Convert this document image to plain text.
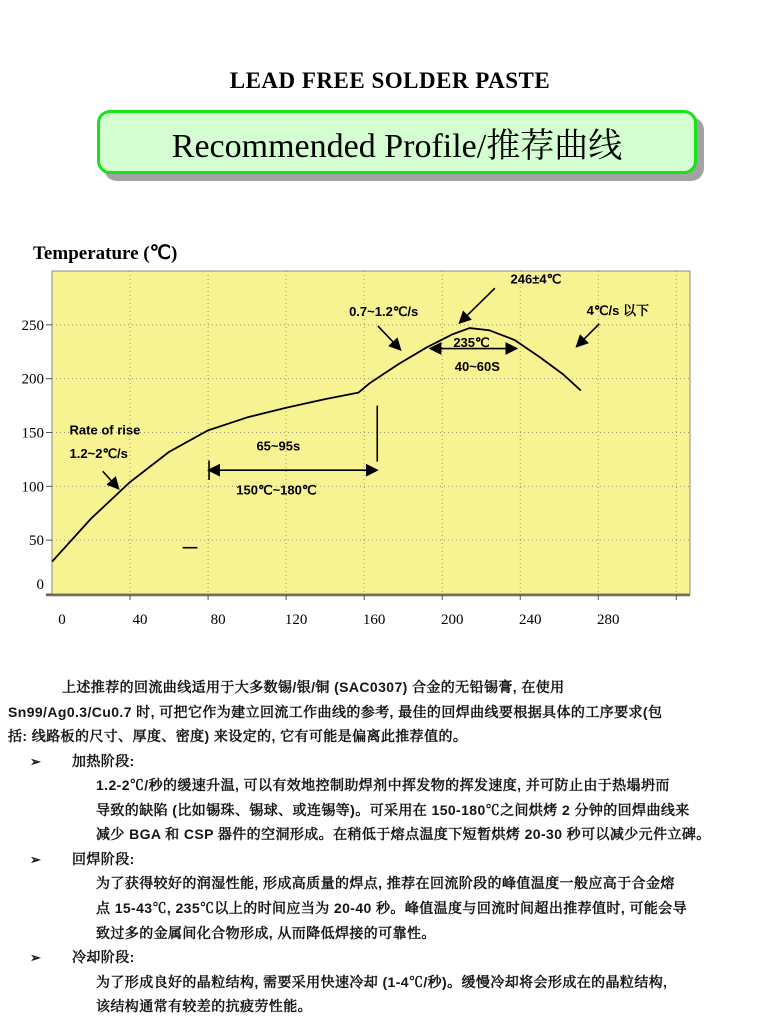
LEAD FREE SOLDER PASTE
Recommended Profile/推荐曲线
Temperature (℃)
0	40	80	120	160	200	240	280
0
50
100
150
200
250
Rate of rise
1.2~2℃/s
65~95s
150℃~180℃
0.7~1.2℃/s
246±4℃
4℃/s 以下
235℃
40~60S
上述推荐的回流曲线适用于大多数锡/银/铜 (SAC0307) 合金的无铅锡膏, 在使用
Sn99/Ag0.3/Cu0.7 时, 可把它作为建立回流工作曲线的参考, 最佳的回焊曲线要根据具体的工序要求(包
括: 线路板的尺寸、厚度、密度) 来设定的, 它有可能是偏离此推荐值的。
➢ 加热阶段:
1.2-2℃/秒的缓速升温, 可以有效地控制助焊剂中挥发物的挥发速度, 并可防止由于热塌坍而
导致的缺陷 (比如锡珠、锡球、或连锡等)。可采用在 150-180℃之间烘烤 2 分钟的回焊曲线来
减少 BGA 和 CSP 器件的空洞形成。在稍低于熔点温度下短暂烘烤 20-30 秒可以减少元件立碑。
➢ 回焊阶段:
为了获得较好的润湿性能, 形成高质量的焊点, 推荐在回流阶段的峰值温度一般应高于合金熔
点 15-43℃, 235℃以上的时间应当为 20-40 秒。峰值温度与回流时间超出推荐值时, 可能会导
致过多的金属间化合物形成, 从而降低焊接的可靠性。
➢ 冷却阶段:
为了形成良好的晶粒结构, 需要采用快速冷却 (1-4℃/秒)。缓慢冷却将会形成在的晶粒结构,
该结构通常有较差的抗疲劳性能。
